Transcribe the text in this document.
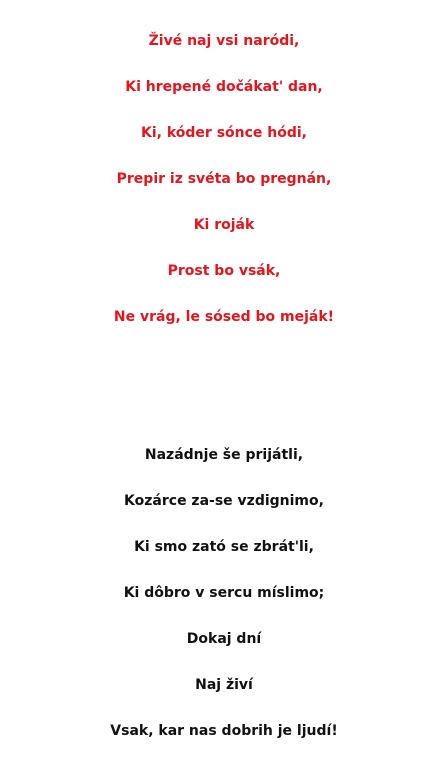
Živé naj vsi naródi,
Ki hrepené dočákat' dan,
Ki, kóder sónce hódi,
Prepir iz svéta bo pregnán,
Ki roják
Prost bo vsák,
Ne vrág, le sósed bo meják!
Nazádnje še prijátli,
Kozárce za-se vzdignimo,
Ki smo zató se zbrát'li,
Ki dôbro v sercu míslimo;
Dokaj dní
Naj živí
Vsak, kar nas dobrih je ljudí!
